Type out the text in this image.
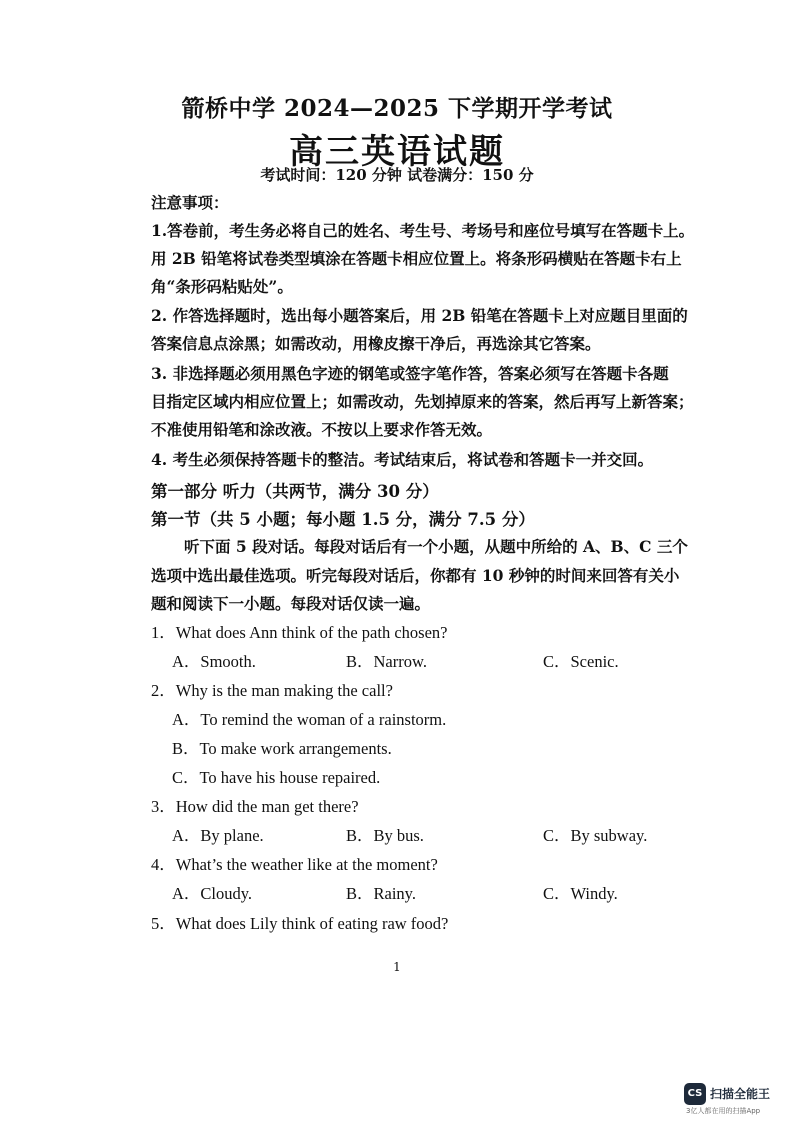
箭桥中学 2024—2025 下学期开学考试
高三英语试题
考试时间：120 分钟 试卷满分：150 分
注意事项：
1.答卷前，考生务必将自己的姓名、考生号、考场号和座位号填写在答题卡上。
用 2B 铅笔将试卷类型填涂在答题卡相应位置上。将条形码横贴在答题卡右上
角“条形码粘贴处”。
2. 作答选择题时，选出每小题答案后，用 2B 铅笔在答题卡上对应题目里面的
答案信息点涂黑；如需改动，用橡皮擦干净后，再选涂其它答案。
3. 非选择题必须用黑色字迹的钢笔或签字笔作答，答案必须写在答题卡各题
目指定区域内相应位置上；如需改动，先划掉原来的答案，然后再写上新答案；
不准使用铅笔和涂改液。不按以上要求作答无效。
4. 考生必须保持答题卡的整洁。考试结束后，将试卷和答题卡一并交回。
第一部分 听力（共两节，满分 30 分）
第一节（共 5 小题；每小题 1.5 分，满分 7.5 分）
听下面 5 段对话。每段对话后有一个小题，从题中所给的 A、B、C 三个
选项中选出最佳选项。听完每段对话后，你都有 10 秒钟的时间来回答有关小
题和阅读下一小题。每段对话仅读一遍。
1．What does Ann think of the path chosen?
A．Smooth.	B．Narrow.	C．Scenic.
2．Why is the man making the call?
A．To remind the woman of a rainstorm.
B．To make work arrangements.
C．To have his house repaired.
3．How did the man get there?
A．By plane.	B．By bus.	C．By subway.
4．What’s the weather like at the moment?
A．Cloudy.	B．Rainy.	C．Windy.
5．What does Lily think of eating raw food?
1
CS 扫描全能王
3亿人都在用的扫描App
